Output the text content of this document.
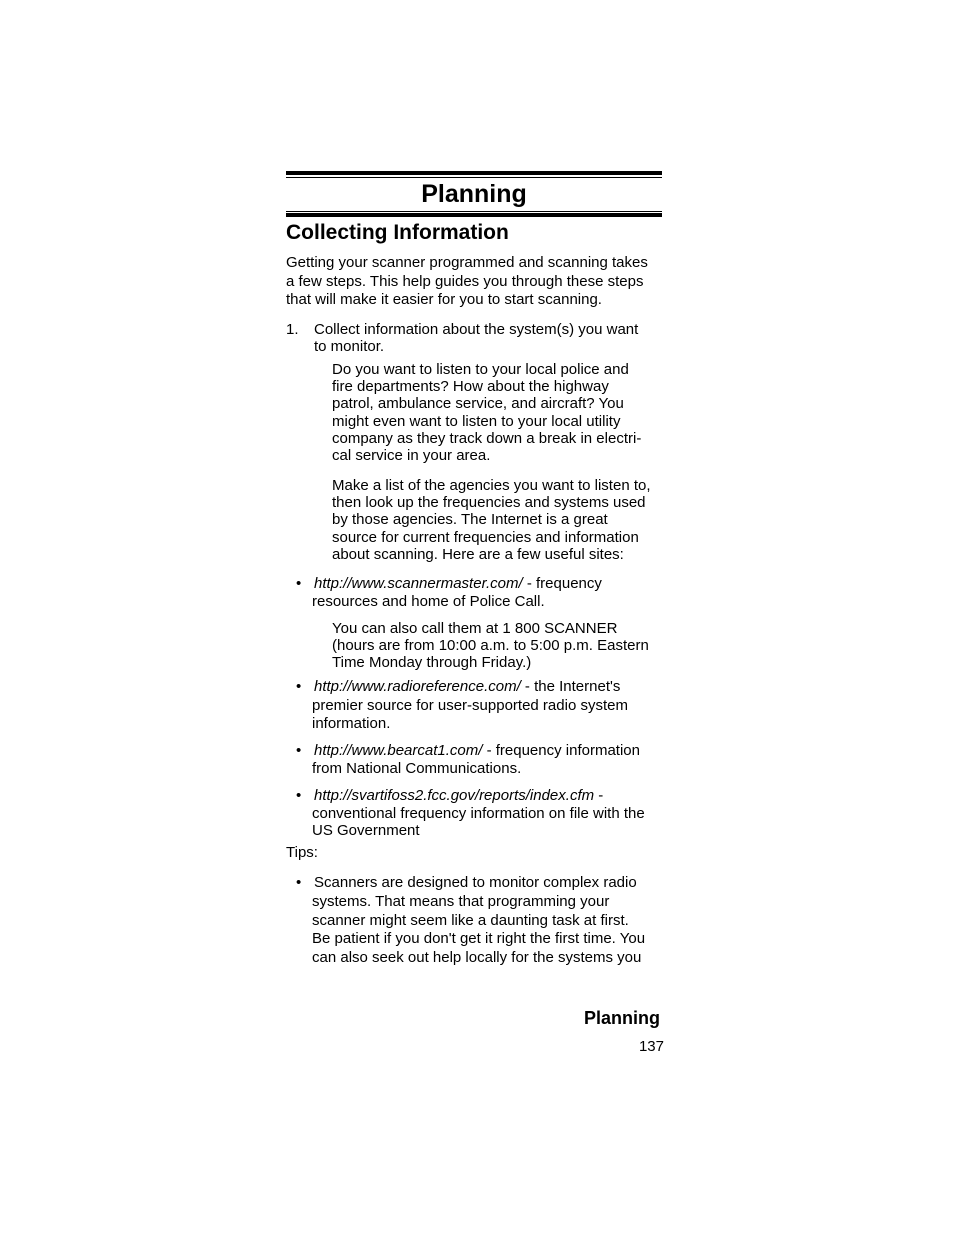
Planning
Collecting Information
Getting your scanner programmed and scanning takes
a few steps. This help guides you through these steps
that will make it easier for you to start scanning.
1. Collect information about the system(s) you want
to monitor.
Do you want to listen to your local police and
fire departments? How about the highway
patrol, ambulance service, and aircraft? You
might even want to listen to your local utility
company as they track down a break in electri-
cal service in your area.
Make a list of the agencies you want to listen to,
then look up the frequencies and systems used
by those agencies. The Internet is a great
source for current frequencies and information
about scanning. Here are a few useful sites:
• http://www.scannermaster.com/ - frequency
resources and home of Police Call.
You can also call them at 1 800 SCANNER
(hours are from 10:00 a.m. to 5:00 p.m. Eastern
Time Monday through Friday.)
• http://www.radioreference.com/ - the Internet's
premier source for user-supported radio system
information.
• http://www.bearcat1.com/ - frequency information
from National Communications.
• http://svartifoss2.fcc.gov/reports/index.cfm -
conventional frequency information on file with the
US Government
Tips:
• Scanners are designed to monitor complex radio
systems. That means that programming your
scanner might seem like a daunting task at first.
Be patient if you don't get it right the first time. You
can also seek out help locally for the systems you
Planning
137
